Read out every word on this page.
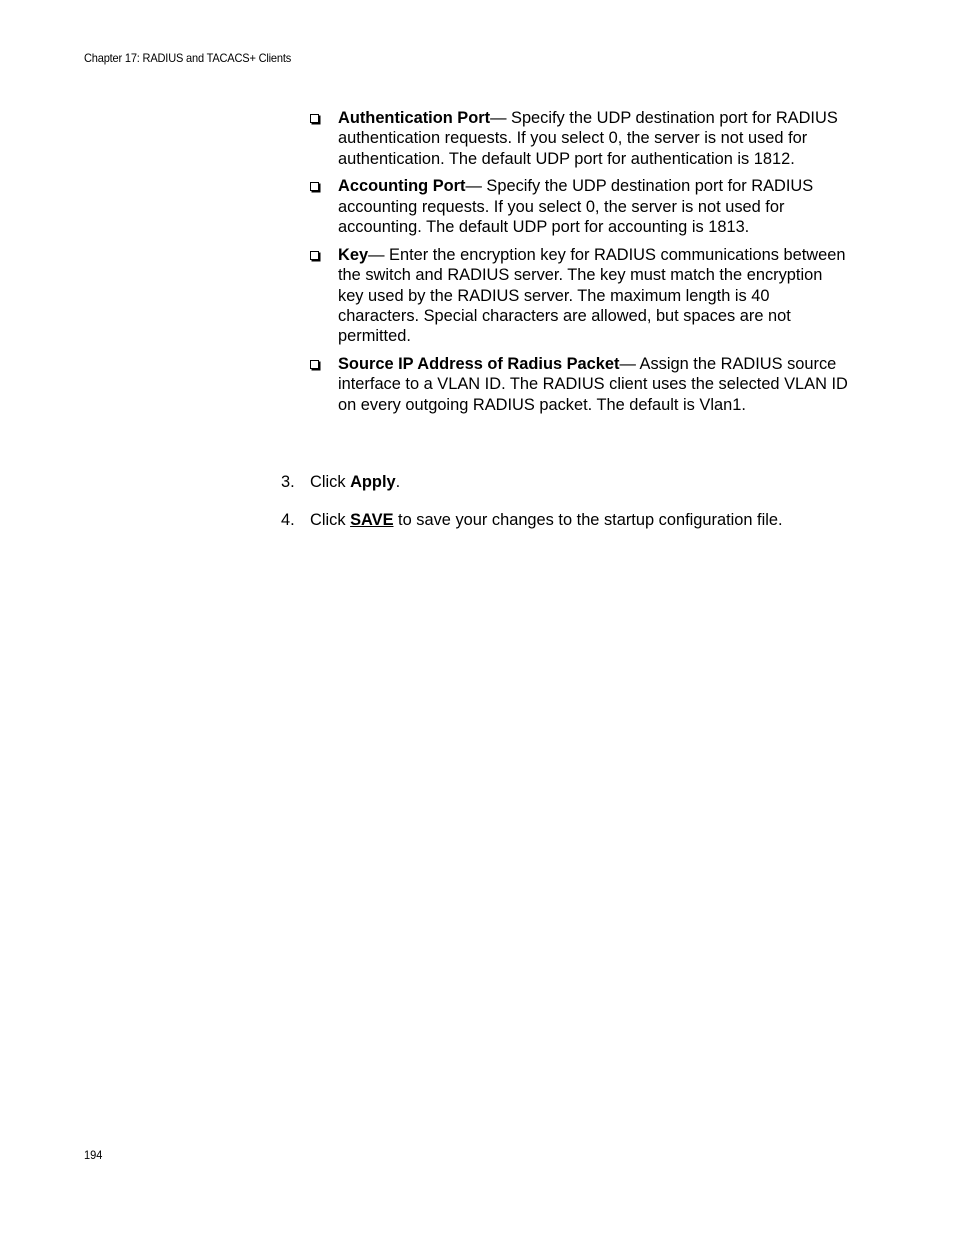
Chapter 17: RADIUS and TACACS+ Clients
Authentication Port— Specify the UDP destination port for RADIUS authentication requests. If you select 0, the server is not used for authentication. The default UDP port for authentication is 1812.
Accounting Port— Specify the UDP destination port for RADIUS accounting requests. If you select 0, the server is not used for accounting. The default UDP port for accounting is 1813.
Key— Enter the encryption key for RADIUS communications between the switch and RADIUS server. The key must match the encryption key used by the RADIUS server. The maximum length is 40 characters. Special characters are allowed, but spaces are not permitted.
Source IP Address of Radius Packet— Assign the RADIUS source interface to a VLAN ID. The RADIUS client uses the selected VLAN ID on every outgoing RADIUS packet. The default is Vlan1.
3. Click Apply.
4. Click SAVE to save your changes to the startup configuration file.
194
